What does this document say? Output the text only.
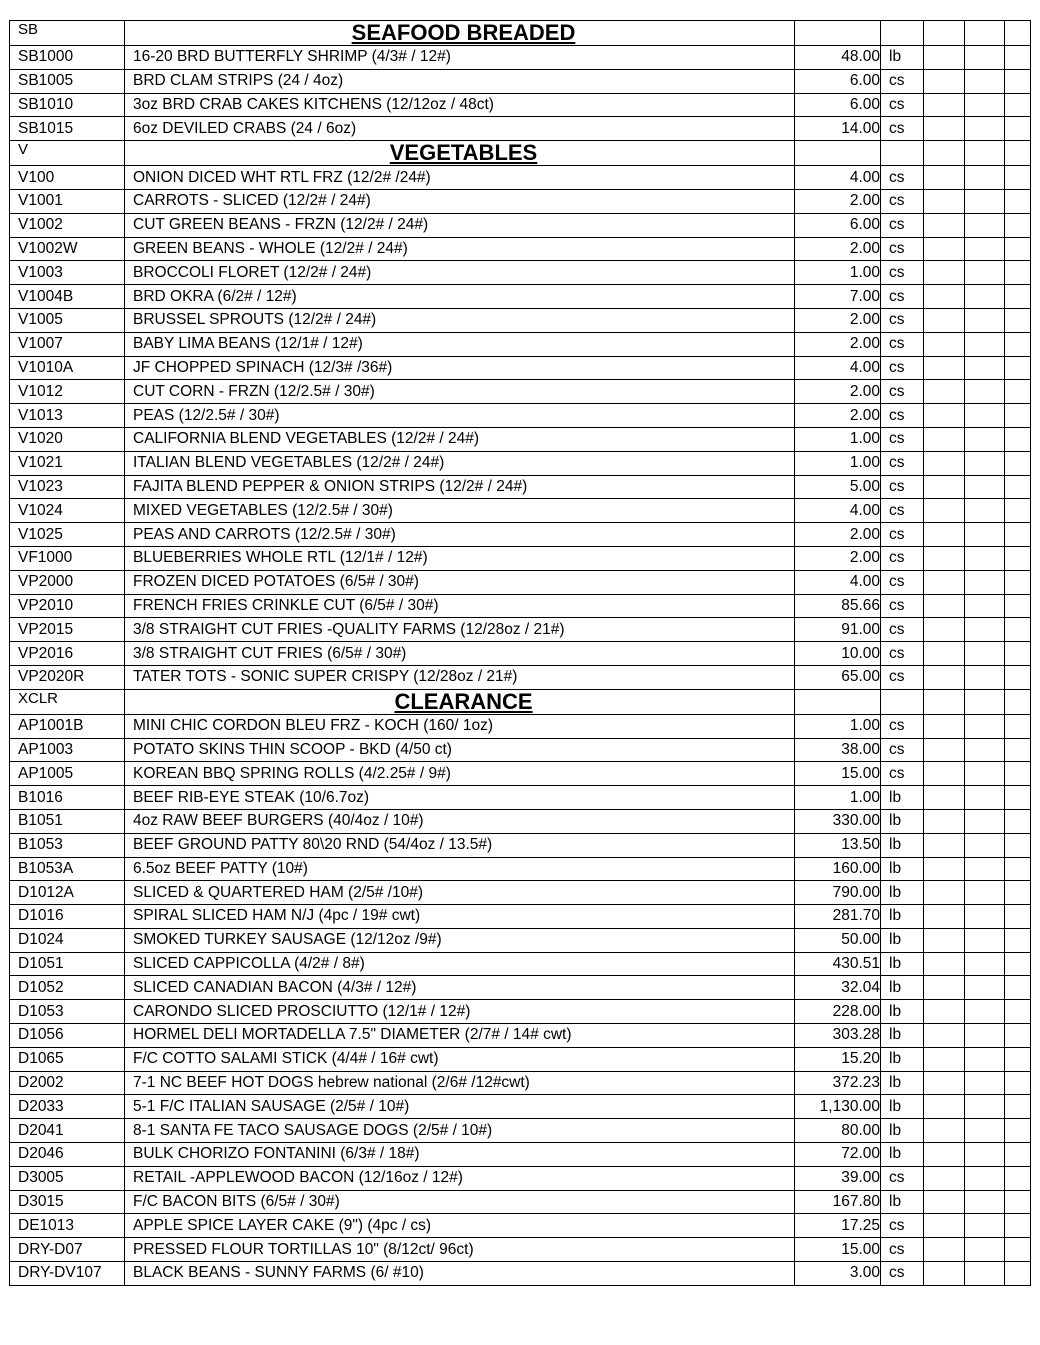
SB	SEAFOOD BREADED					
SB1000	16-20 BRD BUTTERFLY SHRIMP (4/3# / 12#)	48.00	lb			
SB1005	BRD CLAM STRIPS (24 / 4oz)	6.00	cs			
SB1010	3oz BRD CRAB CAKES KITCHENS (12/12oz / 48ct)	6.00	cs			
SB1015	6oz DEVILED CRABS (24 / 6oz)	14.00	cs			
V	VEGETABLES					
V100	ONION DICED WHT RTL FRZ (12/2# /24#)	4.00	cs			
V1001	CARROTS - SLICED (12/2# / 24#)	2.00	cs			
V1002	CUT GREEN BEANS - FRZN (12/2# / 24#)	6.00	cs			
V1002W	GREEN BEANS - WHOLE (12/2# / 24#)	2.00	cs			
V1003	BROCCOLI FLORET (12/2# / 24#)	1.00	cs			
V1004B	BRD OKRA (6/2# / 12#)	7.00	cs			
V1005	BRUSSEL SPROUTS (12/2# / 24#)	2.00	cs			
V1007	BABY LIMA BEANS (12/1# / 12#)	2.00	cs			
V1010A	JF CHOPPED SPINACH (12/3# /36#)	4.00	cs			
V1012	CUT CORN - FRZN (12/2.5# / 30#)	2.00	cs			
V1013	PEAS (12/2.5# / 30#)	2.00	cs			
V1020	CALIFORNIA BLEND VEGETABLES (12/2# / 24#)	1.00	cs			
V1021	ITALIAN BLEND VEGETABLES (12/2# / 24#)	1.00	cs			
V1023	FAJITA BLEND PEPPER & ONION STRIPS (12/2# / 24#)	5.00	cs			
V1024	MIXED VEGETABLES (12/2.5# / 30#)	4.00	cs			
V1025	PEAS AND CARROTS (12/2.5# / 30#)	2.00	cs			
VF1000	BLUEBERRIES WHOLE RTL (12/1# / 12#)	2.00	cs			
VP2000	FROZEN DICED POTATOES (6/5# / 30#)	4.00	cs			
VP2010	FRENCH FRIES CRINKLE CUT (6/5# / 30#)	85.66	cs			
VP2015	3/8 STRAIGHT CUT FRIES -QUALITY FARMS (12/28oz / 21#)	91.00	cs			
VP2016	3/8 STRAIGHT CUT FRIES (6/5# / 30#)	10.00	cs			
VP2020R	TATER TOTS - SONIC SUPER CRISPY (12/28oz / 21#)	65.00	cs			
XCLR	CLEARANCE					
AP1001B	MINI CHIC CORDON BLEU FRZ - KOCH (160/ 1oz)	1.00	cs			
AP1003	POTATO SKINS THIN SCOOP - BKD (4/50 ct)	38.00	cs			
AP1005	KOREAN BBQ SPRING ROLLS (4/2.25# / 9#)	15.00	cs			
B1016	BEEF RIB-EYE STEAK (10/6.7oz)	1.00	lb			
B1051	4oz RAW BEEF BURGERS (40/4oz / 10#)	330.00	lb			
B1053	BEEF GROUND PATTY 80\20 RND (54/4oz / 13.5#)	13.50	lb			
B1053A	6.5oz BEEF PATTY (10#)	160.00	lb			
D1012A	SLICED & QUARTERED HAM (2/5# /10#)	790.00	lb			
D1016	SPIRAL SLICED HAM N/J (4pc / 19# cwt)	281.70	lb			
D1024	SMOKED TURKEY SAUSAGE (12/12oz /9#)	50.00	lb			
D1051	SLICED CAPPICOLLA (4/2# / 8#)	430.51	lb			
D1052	SLICED CANADIAN BACON (4/3# / 12#)	32.04	lb			
D1053	CARONDO SLICED PROSCIUTTO (12/1# / 12#)	228.00	lb			
D1056	HORMEL DELI MORTADELLA 7.5" DIAMETER (2/7# / 14# cwt)	303.28	lb			
D1065	F/C COTTO SALAMI STICK (4/4# / 16# cwt)	15.20	lb			
D2002	7-1 NC BEEF HOT DOGS hebrew national (2/6# /12#cwt)	372.23	lb			
D2033	5-1 F/C ITALIAN SAUSAGE (2/5# / 10#)	1,130.00	lb			
D2041	8-1 SANTA FE TACO SAUSAGE DOGS (2/5# / 10#)	80.00	lb			
D2046	BULK CHORIZO FONTANINI (6/3# / 18#)	72.00	lb			
D3005	RETAIL -APPLEWOOD BACON (12/16oz / 12#)	39.00	cs			
D3015	F/C BACON BITS (6/5# / 30#)	167.80	lb			
DE1013	APPLE SPICE LAYER CAKE (9") (4pc / cs)	17.25	cs			
DRY-D07	PRESSED FLOUR TORTILLAS 10" (8/12ct/ 96ct)	15.00	cs			
DRY-DV107	BLACK BEANS - SUNNY FARMS (6/ #10)	3.00	cs			
